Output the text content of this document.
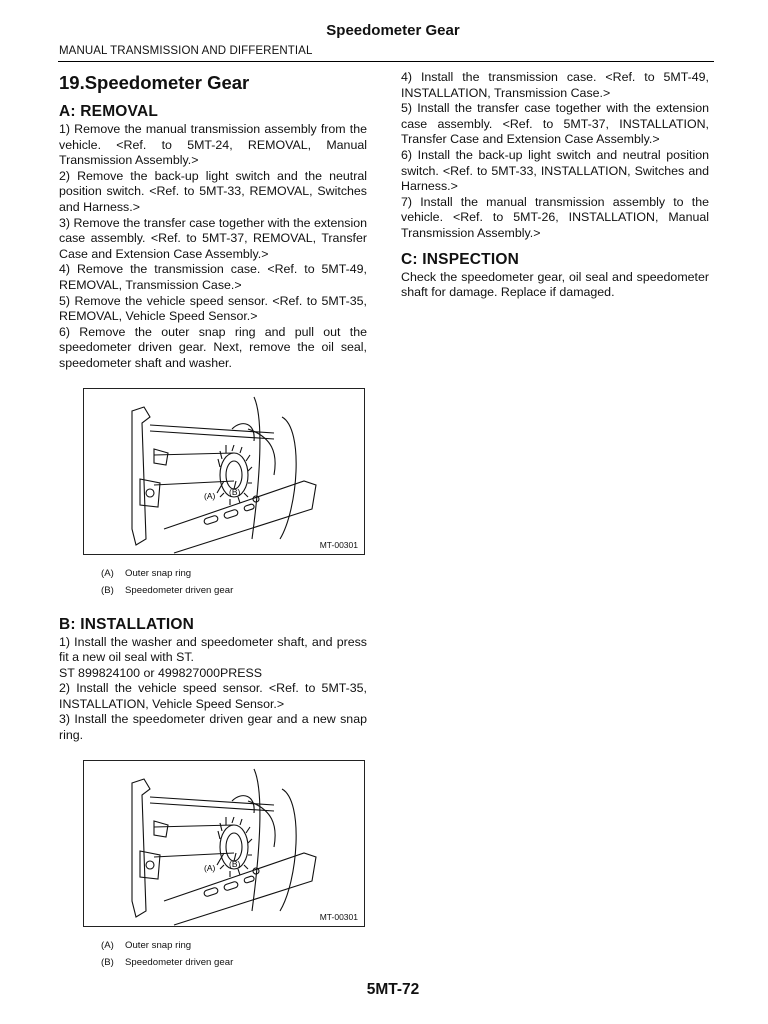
Speedometer Gear
MANUAL TRANSMISSION AND DIFFERENTIAL
19.Speedometer Gear
A: REMOVAL

1) Remove the manual transmission assembly from the vehicle. <Ref. to 5MT-24, REMOVAL, Manual Transmission Assembly.>

2) Remove the back-up light switch and the neutral position switch. <Ref. to 5MT-33, REMOVAL, Switches and Harness.>

3) Remove the transfer case together with the extension case assembly. <Ref. to 5MT-37, REMOVAL, Transfer Case and Extension Case Assembly.>

4) Remove the transmission case. <Ref. to 5MT-49, REMOVAL, Transmission Case.>

5) Remove the vehicle speed sensor. <Ref. to 5MT-35, REMOVAL, Vehicle Speed Sensor.>

6) Remove the outer snap ring and pull out the speedometer driven gear. Next, remove the oil seal, speedometer shaft and washer.

(A) (B)
MT-00301
(A) Outer snap ring
(B) Speedometer driven gear
B: INSTALLATION

1) Install the washer and speedometer shaft, and press fit a new oil seal with ST.

ST 899824100 or 499827000PRESS

2) Install the vehicle speed sensor. <Ref. to 5MT-35, INSTALLATION, Vehicle Speed Sensor.>

3) Install the speedometer driven gear and a new snap ring.

(A) (B)
MT-00301
(A) Outer snap ring
(B) Speedometer driven gear

4) Install the transmission case. <Ref. to 5MT-49, INSTALLATION, Transmission Case.>

5) Install the transfer case together with the extension case assembly. <Ref. to 5MT-37, INSTALLATION, Transfer Case and Extension Case Assembly.>

6) Install the back-up light switch and neutral position switch. <Ref. to 5MT-33, INSTALLATION, Switches and Harness.>

7) Install the manual transmission assembly to the vehicle. <Ref. to 5MT-26, INSTALLATION, Manual Transmission Assembly.>

C: INSPECTION

Check the speedometer gear, oil seal and speedometer shaft for damage. Replace if damaged.

5MT-72
